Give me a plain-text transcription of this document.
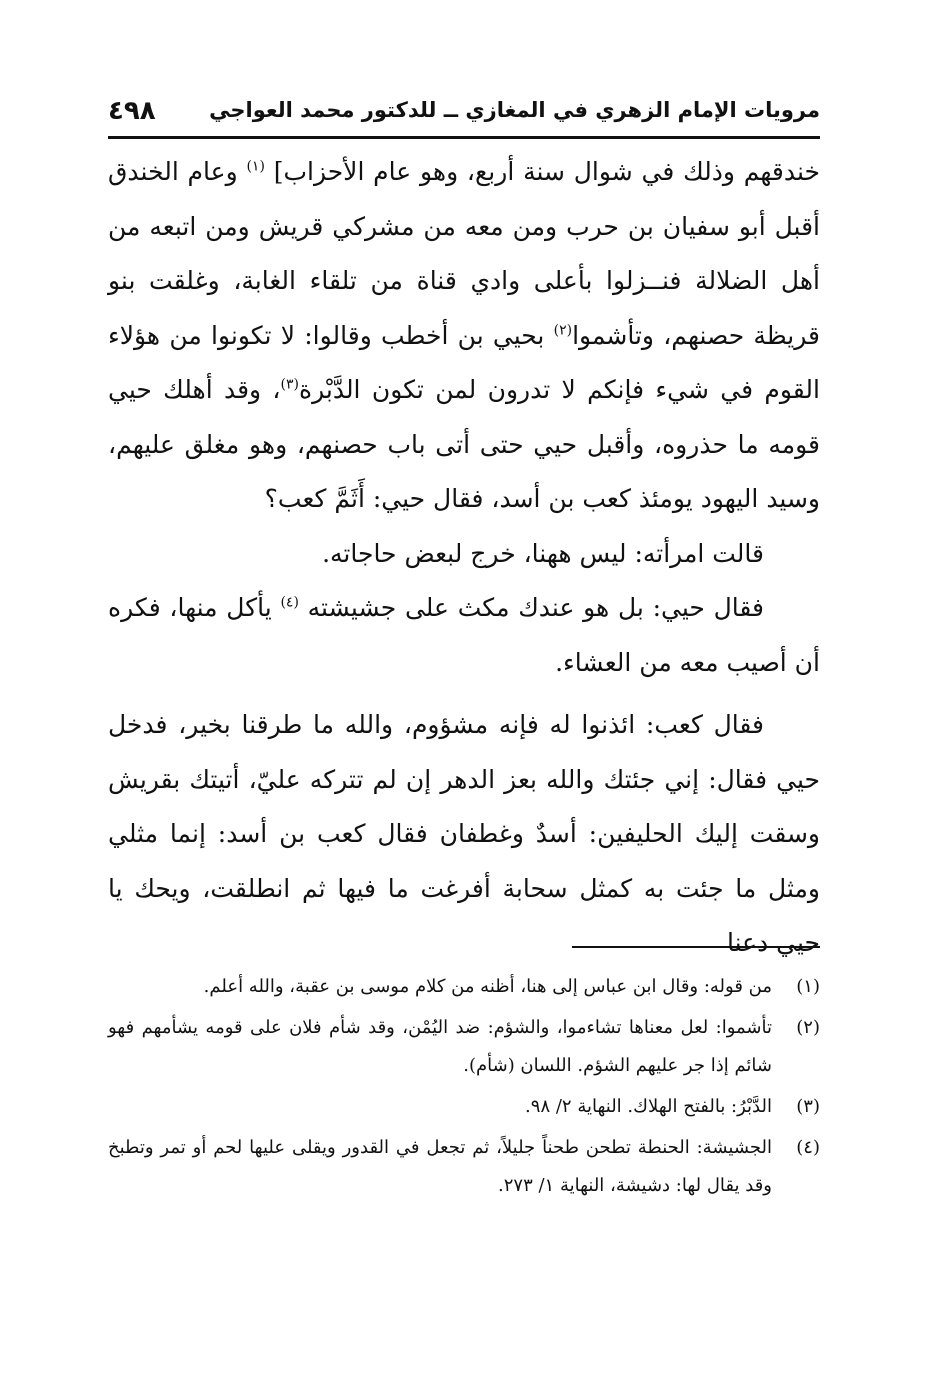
مرويات الإمام الزهري في المغازي ــ للدكتور محمد العواجي
٤٩٨

خندقهم وذلك في شوال سنة أربع، وهو عام الأحزاب] $^{(١)}$ وعام الخندق أقبل أبو سفيان بن حرب ومن معه من مشركي قريش ومن اتبعه من أهل الضلالة فنــزلوا بأعلى وادي قناة من تلقاء الغابة، وغلقت بنو قريظة حصنهم، وتأشموا$^{(٢)}$ بحيي بن أخطب وقالوا: لا تكونوا من هؤلاء القوم في شيء فإنكم لا تدرون لمن تكون الدَّبْرة$^{(٣)}$، وقد أهلك حيي قومه ما حذروه، وأقبل حيي حتى أتى باب حصنهم، وهو مغلق عليهم، وسيد اليهود يومئذ كعب بن أسد، فقال حيي: أَثَمَّ كعب؟

قالت امرأته: ليس ههنا، خرج لبعض حاجاته.

فقال حيي: بل هو عندك مكث على جشيشته $^{(٤)}$ يأكل منها، فكره أن أصيب معه من العشاء.

فقال كعب: ائذنوا له فإنه مشؤوم، والله ما طرقنا بخير، فدخل حيي فقال: إني جئتك والله بعز الدهر إن لم تتركه عليّ، أتيتك بقريش وسقت إليك الحليفين: أسدٌ وغطفان فقال كعب بن أسد: إنما مثلي ومثل ما جئت به كمثل سحابة أفرغت ما فيها ثم انطلقت، ويحك يا حيي دعنا

(١)
من قوله: وقال ابن عباس إلى هنا، أظنه من كلام موسى بن عقبة، والله أعلم.
(٢)
تأشموا: لعل معناها تشاءموا، والشؤم: ضد اليُمْن، وقد شأم فلان على قومه يشأمهم فهو شائم إذا جر عليهم الشؤم. اللسان (شأم).
(٣)
الدَّبْرُ: بالفتح الهلاك. النهاية ٢/ ٩٨.
(٤)
الجشيشة: الحنطة تطحن طحناً جليلاً، ثم تجعل في القدور ويقلى عليها لحم أو تمر وتطبخ وقد يقال لها: دشيشة، النهاية ١/ ٢٧٣.
